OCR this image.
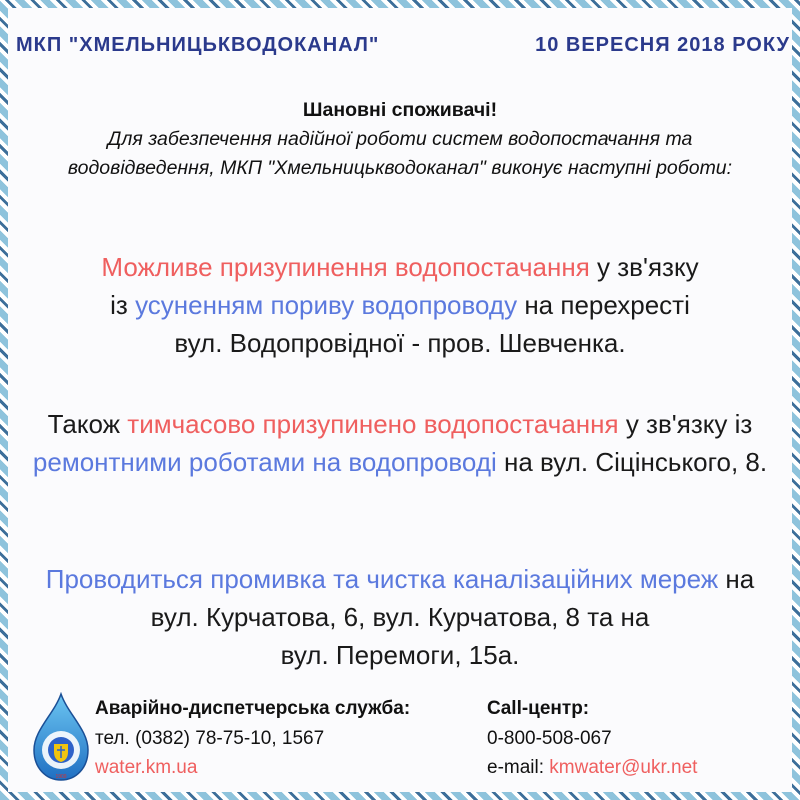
МКП "ХМЕЛЬНИЦЬКВОДОКАНАЛ"	10 ВЕРЕСНЯ 2018 РОКУ
Шановні споживачі!
Для забезпечення надійної роботи систем водопостачання та водовідведення, МКП "Хмельницькводоканал" виконує наступні роботи:
Можливе призупинення водопостачання у зв'язку
із усуненням пориву водопроводу на перехресті
вул. Водопровідної - пров. Шевченка.
Також тимчасово призупинено водопостачання у зв'язку із
ремонтними роботами на водопроводі на вул. Сіцінського, 8.
Проводиться промивка та чистка каналізаційних мереж на
вул. Курчатова, 6, вул. Курчатова, 8 та на
вул. Перемоги, 15а.
1909
Аварійно-диспетчерська служба:
тел. (0382) 78-75-10, 1567
water.km.ua
Call-центр:
0-800-508-067
e-mail: kmwater@ukr.net
